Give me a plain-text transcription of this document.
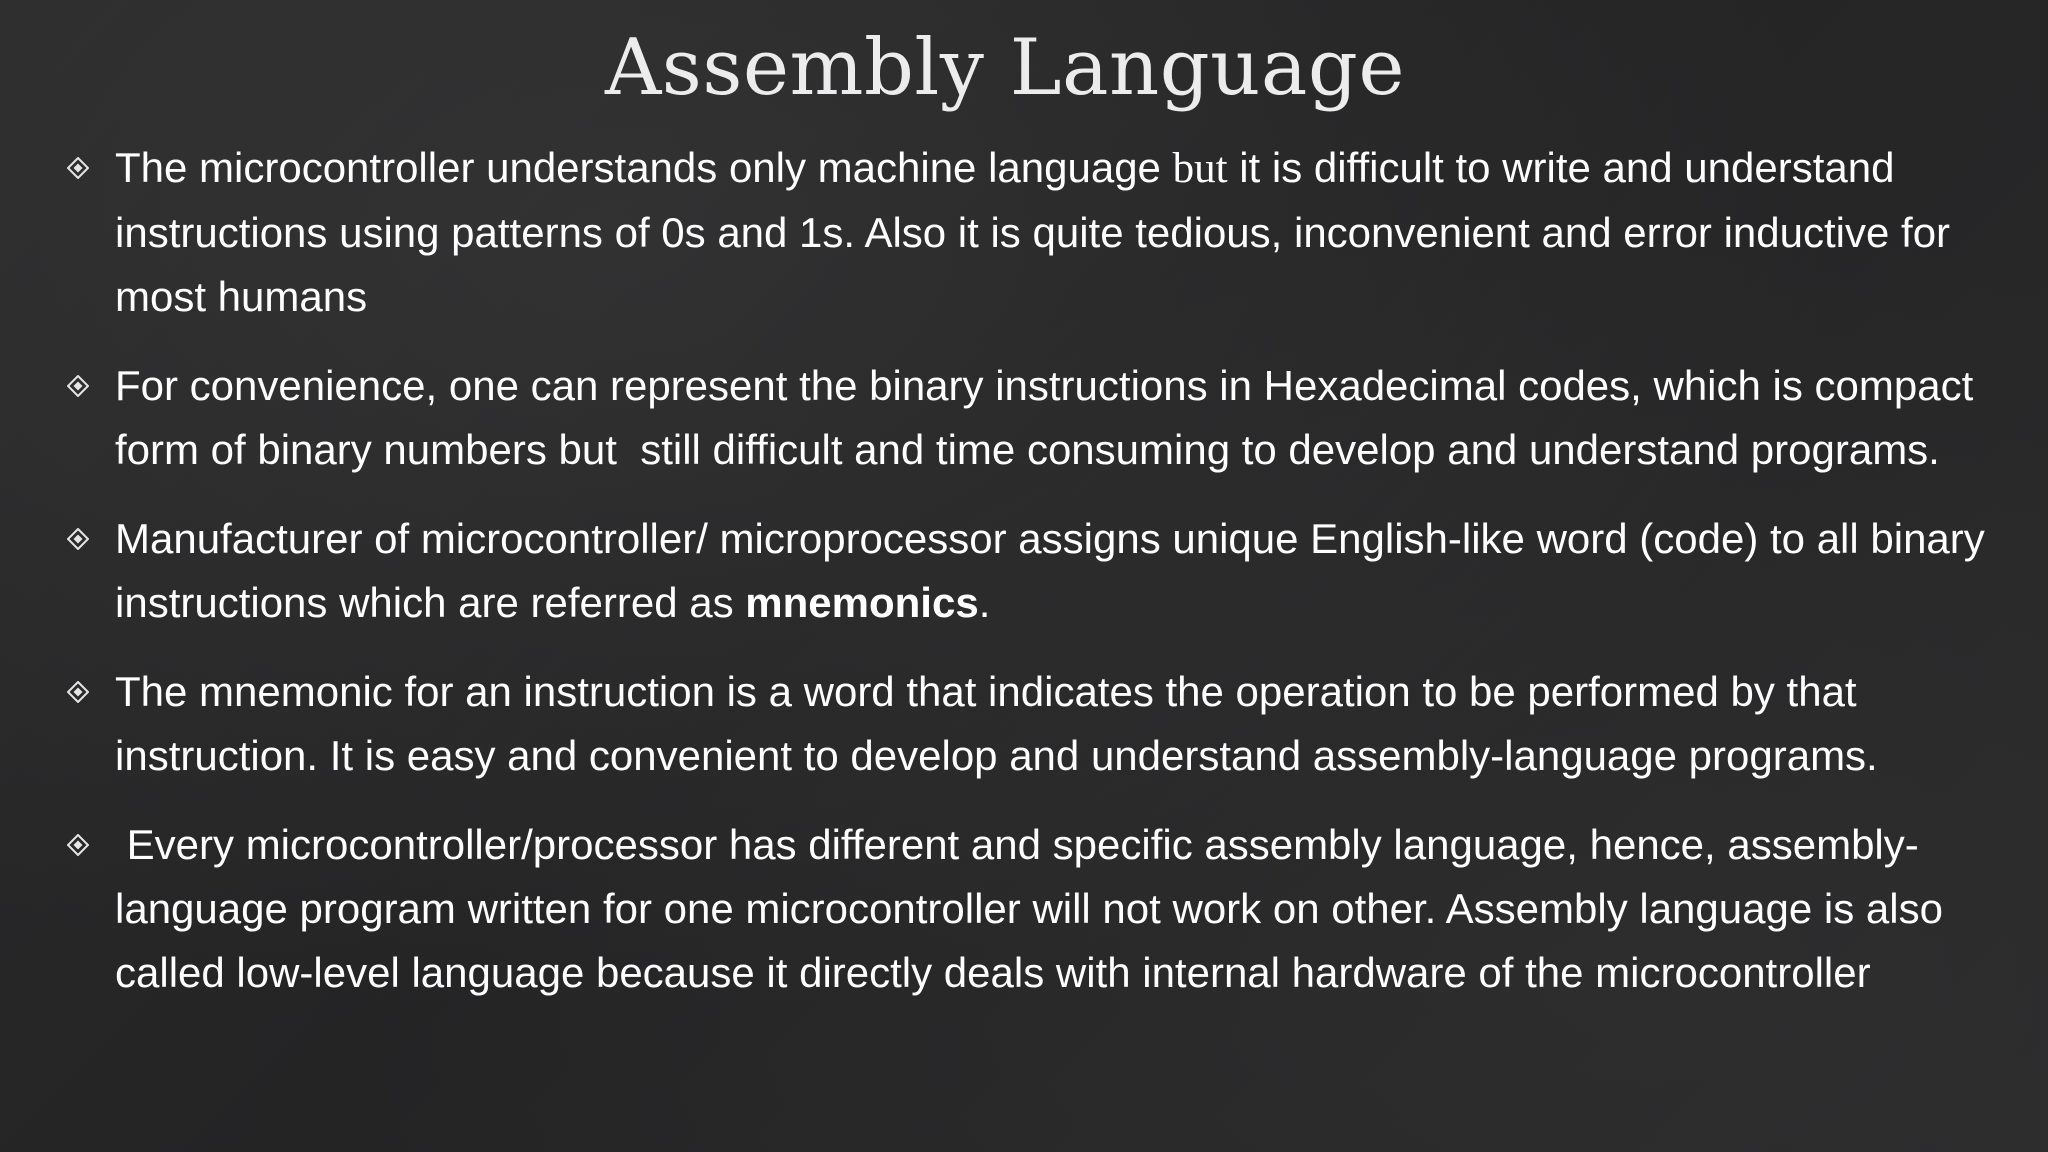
Assembly Language
The microcontroller understands only machine language but it is difficult to write and understand instructions using patterns of 0s and 1s. Also it is quite tedious, inconvenient and error inductive for most humans
For convenience, one can represent the binary instructions in Hexadecimal codes, which is compact form of binary numbers but  still difficult and time consuming to develop and understand programs.
Manufacturer of microcontroller/ microprocessor assigns unique English-like word (code) to all binary instructions which are referred as mnemonics.
The mnemonic for an instruction is a word that indicates the operation to be performed by that instruction. It is easy and convenient to develop and understand assembly-language programs.
Every microcontroller/processor has different and specific assembly language, hence, assembly-language program written for one microcontroller will not work on other. Assembly language is also called low-level language because it directly deals with internal hardware of the microcontroller
